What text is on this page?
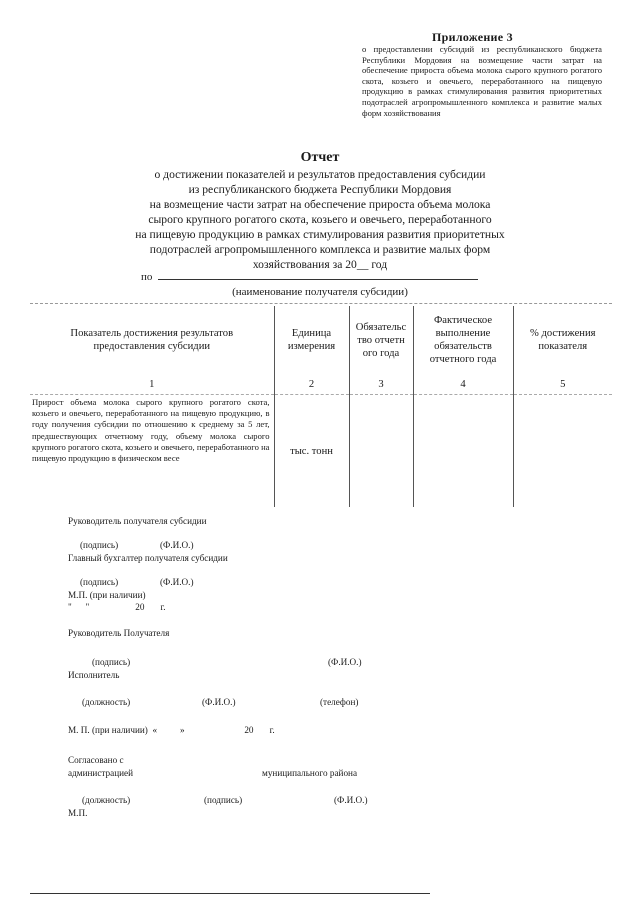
Приложение 3
о предоставлении субсидий из республиканского бюджета Республики Мордовия на возмещение части затрат на обеспечение прироста объема молока сырого крупного рогатого скота, козьего и овечьего, переработанного на пищевую продукцию в рамках стимулирования развития приоритетных подотраслей агропромышленного комплекса и развитие малых форм хозяйствования
Отчет
о достижении показателей и результатов предоставления субсидии
из республиканского бюджета Республики Мордовия
на возмещение части затрат на обеспечение прироста объема молока
сырого крупного рогатого скота, козьего и овечьего, переработанного
на пищевую продукцию в рамках стимулирования развития приоритетных
подотраслей агропромышленного комплекса и развитие малых форм
хозяйствования за 20__ год
по
(наименование получателя субсидии)
Показатель достижения результатов предоставления субсидии	Единица измерения	Обязательство отчетного года	Фактическое выполнение обязательств отчетного года	% достижения показателя
1	2	3	4	5
Прирост объема молока сырого крупного рогатого скота, козьего и овечьего, переработанного на пищевую продукцию, в году получения субсидии по отношению к среднему за 5 лет, предшествующих отчетному году, объему молока сырого крупного рогатого скота, козьего и овечьего, переработанного на пищевую продукцию в физическом весе	тыс. тонн			
Руководитель получателя субсидии
(подпись)	(Ф.И.О.)
Главный бухгалтер получателя субсидии
(подпись)	(Ф.И.О.)
М.П. (при наличии)
"      "                    20       г.
Руководитель Получателя
(подпись)	(Ф.И.О.)
Исполнитель
(должность)	(Ф.И.О.)	(телефон)
М. П. (при наличии)  «          »                          20       г.
Согласовано с
администрацией	муниципального района
(должность)	(подпись)	(Ф.И.О.)
М.П.
